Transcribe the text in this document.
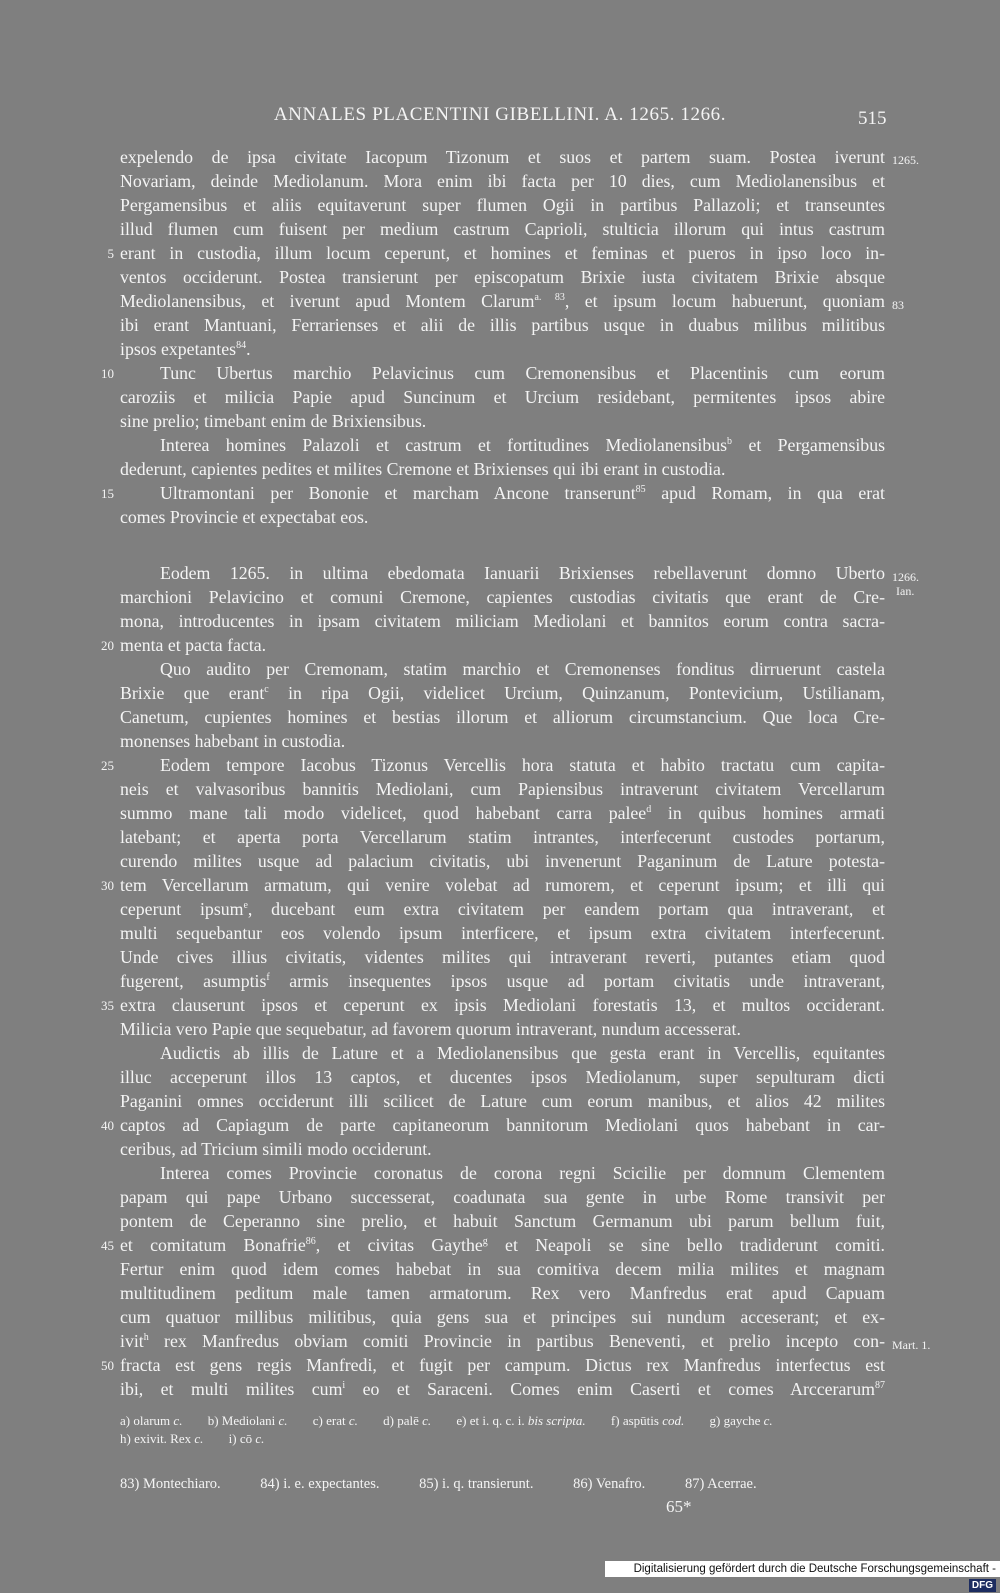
ANNALES PLACENTINI GIBELLINI. A. 1265. 1266.	515
expelendo de ipsa civitate Iacopum Tizonum et suos et partem suam. Postea iverunt
Novariam, deinde Mediolanum. Mora enim ibi facta per 10 dies, cum Mediolanensibus et
Pergamensibus et aliis equitaverunt super flumen Ogii in partibus Pallazoli; et transeuntes
illud flumen cum fuisent per medium castrum Caprioli, stulticia illorum qui intus castrum
erant in custodia, illum locum ceperunt, et homines et feminas et pueros in ipso loco in-
ventos occiderunt. Postea transierunt per episcopatum Brixie iusta civitatem Brixie absque
Mediolanensibus, et iverunt apud Montem Clarum$^{a. 83}$, et ipsum locum habuerunt, quoniam
ibi erant Mantuani, Ferrarienses et alii de illis partibus usque in duabus milibus militibus
ipsos expetantes$^{84}$.
Tunc Ubertus marchio Pelavicinus cum Cremonensibus et Placentinis cum eorum
caroziis et milicia Papie apud Suncinum et Urcium residebant, permitentes ipsos abire
sine prelio; timebant enim de Brixiensibus.
Interea homines Palazoli et castrum et fortitudines Mediolanensibus$^b$ et Pergamensibus
dederunt, capientes pedites et milites Cremone et Brixienses qui ibi erant in custodia.
Ultramontani per Bononie et marcham Ancone transerunt$^{85}$ apud Romam, in qua erat
comes Provincie et expectabat eos.
Eodem 1265. in ultima ebedomata Ianuarii Brixienses rebellaverunt domno Uberto
marchioni Pelavicino et comuni Cremone, capientes custodias civitatis que erant de Cre-
mona, introducentes in ipsam civitatem miliciam Mediolani et bannitos eorum contra sacra-
menta et pacta facta.
Quo audito per Cremonam, statim marchio et Cremonenses fonditus dirruerunt castela
Brixie que erant$^c$ in ripa Ogii, videlicet Urcium, Quinzanum, Pontevicium, Ustilianam,
Canetum, cupientes homines et bestias illorum et alliorum circumstancium. Que loca Cre-
monenses habebant in custodia.
Eodem tempore Iacobus Tizonus Vercellis hora statuta et habito tractatu cum capita-
neis et valvasoribus bannitis Mediolani, cum Papiensibus intraverunt civitatem Vercellarum
summo mane tali modo videlicet, quod habebant carra palee$^d$ in quibus homines armati
latebant; et aperta porta Vercellarum statim intrantes, interfecerunt custodes portarum,
curendo milites usque ad palacium civitatis, ubi invenerunt Paganinum de Lature potesta-
tem Vercellarum armatum, qui venire volebat ad rumorem, et ceperunt ipsum; et illi qui
ceperunt ipsum$^e$, ducebant eum extra civitatem per eandem portam qua intraverant, et
multi sequebantur eos volendo ipsum interficere, et ipsum extra civitatem interfecerunt.
Unde cives illius civitatis, videntes milites qui intraverant reverti, putantes etiam quod
fugerent, asumptis$^f$ armis insequentes ipsos usque ad portam civitatis unde intraverant,
extra clauserunt ipsos et ceperunt ex ipsis Mediolani forestatis 13, et multos occiderant.
Milicia vero Papie que sequebatur, ad favorem quorum intraverant, nundum accesserat.
Audictis ab illis de Lature et a Mediolanensibus que gesta erant in Vercellis, equitantes
illuc acceperunt illos 13 captos, et ducentes ipsos Mediolanum, super sepulturam dicti
Paganini omnes occiderunt illi scilicet de Lature cum eorum manibus, et alios 42 milites
captos ad Capiagum de parte capitaneorum bannitorum Mediolani quos habebant in car-
ceribus, ad Tricium simili modo occiderunt.
Interea comes Provincie coronatus de corona regni Scicilie per domnum Clementem
papam qui pape Urbano successerat, coadunata sua gente in urbe Rome transivit per
pontem de Ceperanno sine prelio, et habuit Sanctum Germanum ubi parum bellum fuit,
et comitatum Bonafrie$^{86}$, et civitas Gaythe$^g$ et Neapoli se sine bello tradiderunt comiti.
Fertur enim quod idem comes habebat in sua comitiva decem milia milites et magnam
multitudinem peditum male tamen armatorum. Rex vero Manfredus erat apud Capuam
cum quatuor millibus militibus, quia gens sua et principes sui nundum acceserant; et ex-
ivit$^h$ rex Manfredus obviam comiti Provincie in partibus Beneventi, et prelio incepto con-
fracta est gens regis Manfredi, et fugit per campum. Dictus rex Manfredus interfectus est
ibi, et multi milites cum$^i$ eo et Saraceni. Comes enim Caserti et comes Arccerarum$^{87}$
5
10
15
20
25
30
35
40
45
50
1265.
83
1266.
Ian.
Mart. 1.
a) olarum c. b) Mediolani c. c) erat c. d) palē c. e) et i. q. c. i. bis scripta. f) aspūtis cod. g) gayche c.
h) exivit. Rex c. i) cō c.
83) Montechiaro.	84) i. e. expectantes.	85) i. q. transierunt.	86) Venafro.	87) Acerrae.
65*
Digitalisierung gefördert durch die Deutsche Forschungsgemeinschaft -DFG
